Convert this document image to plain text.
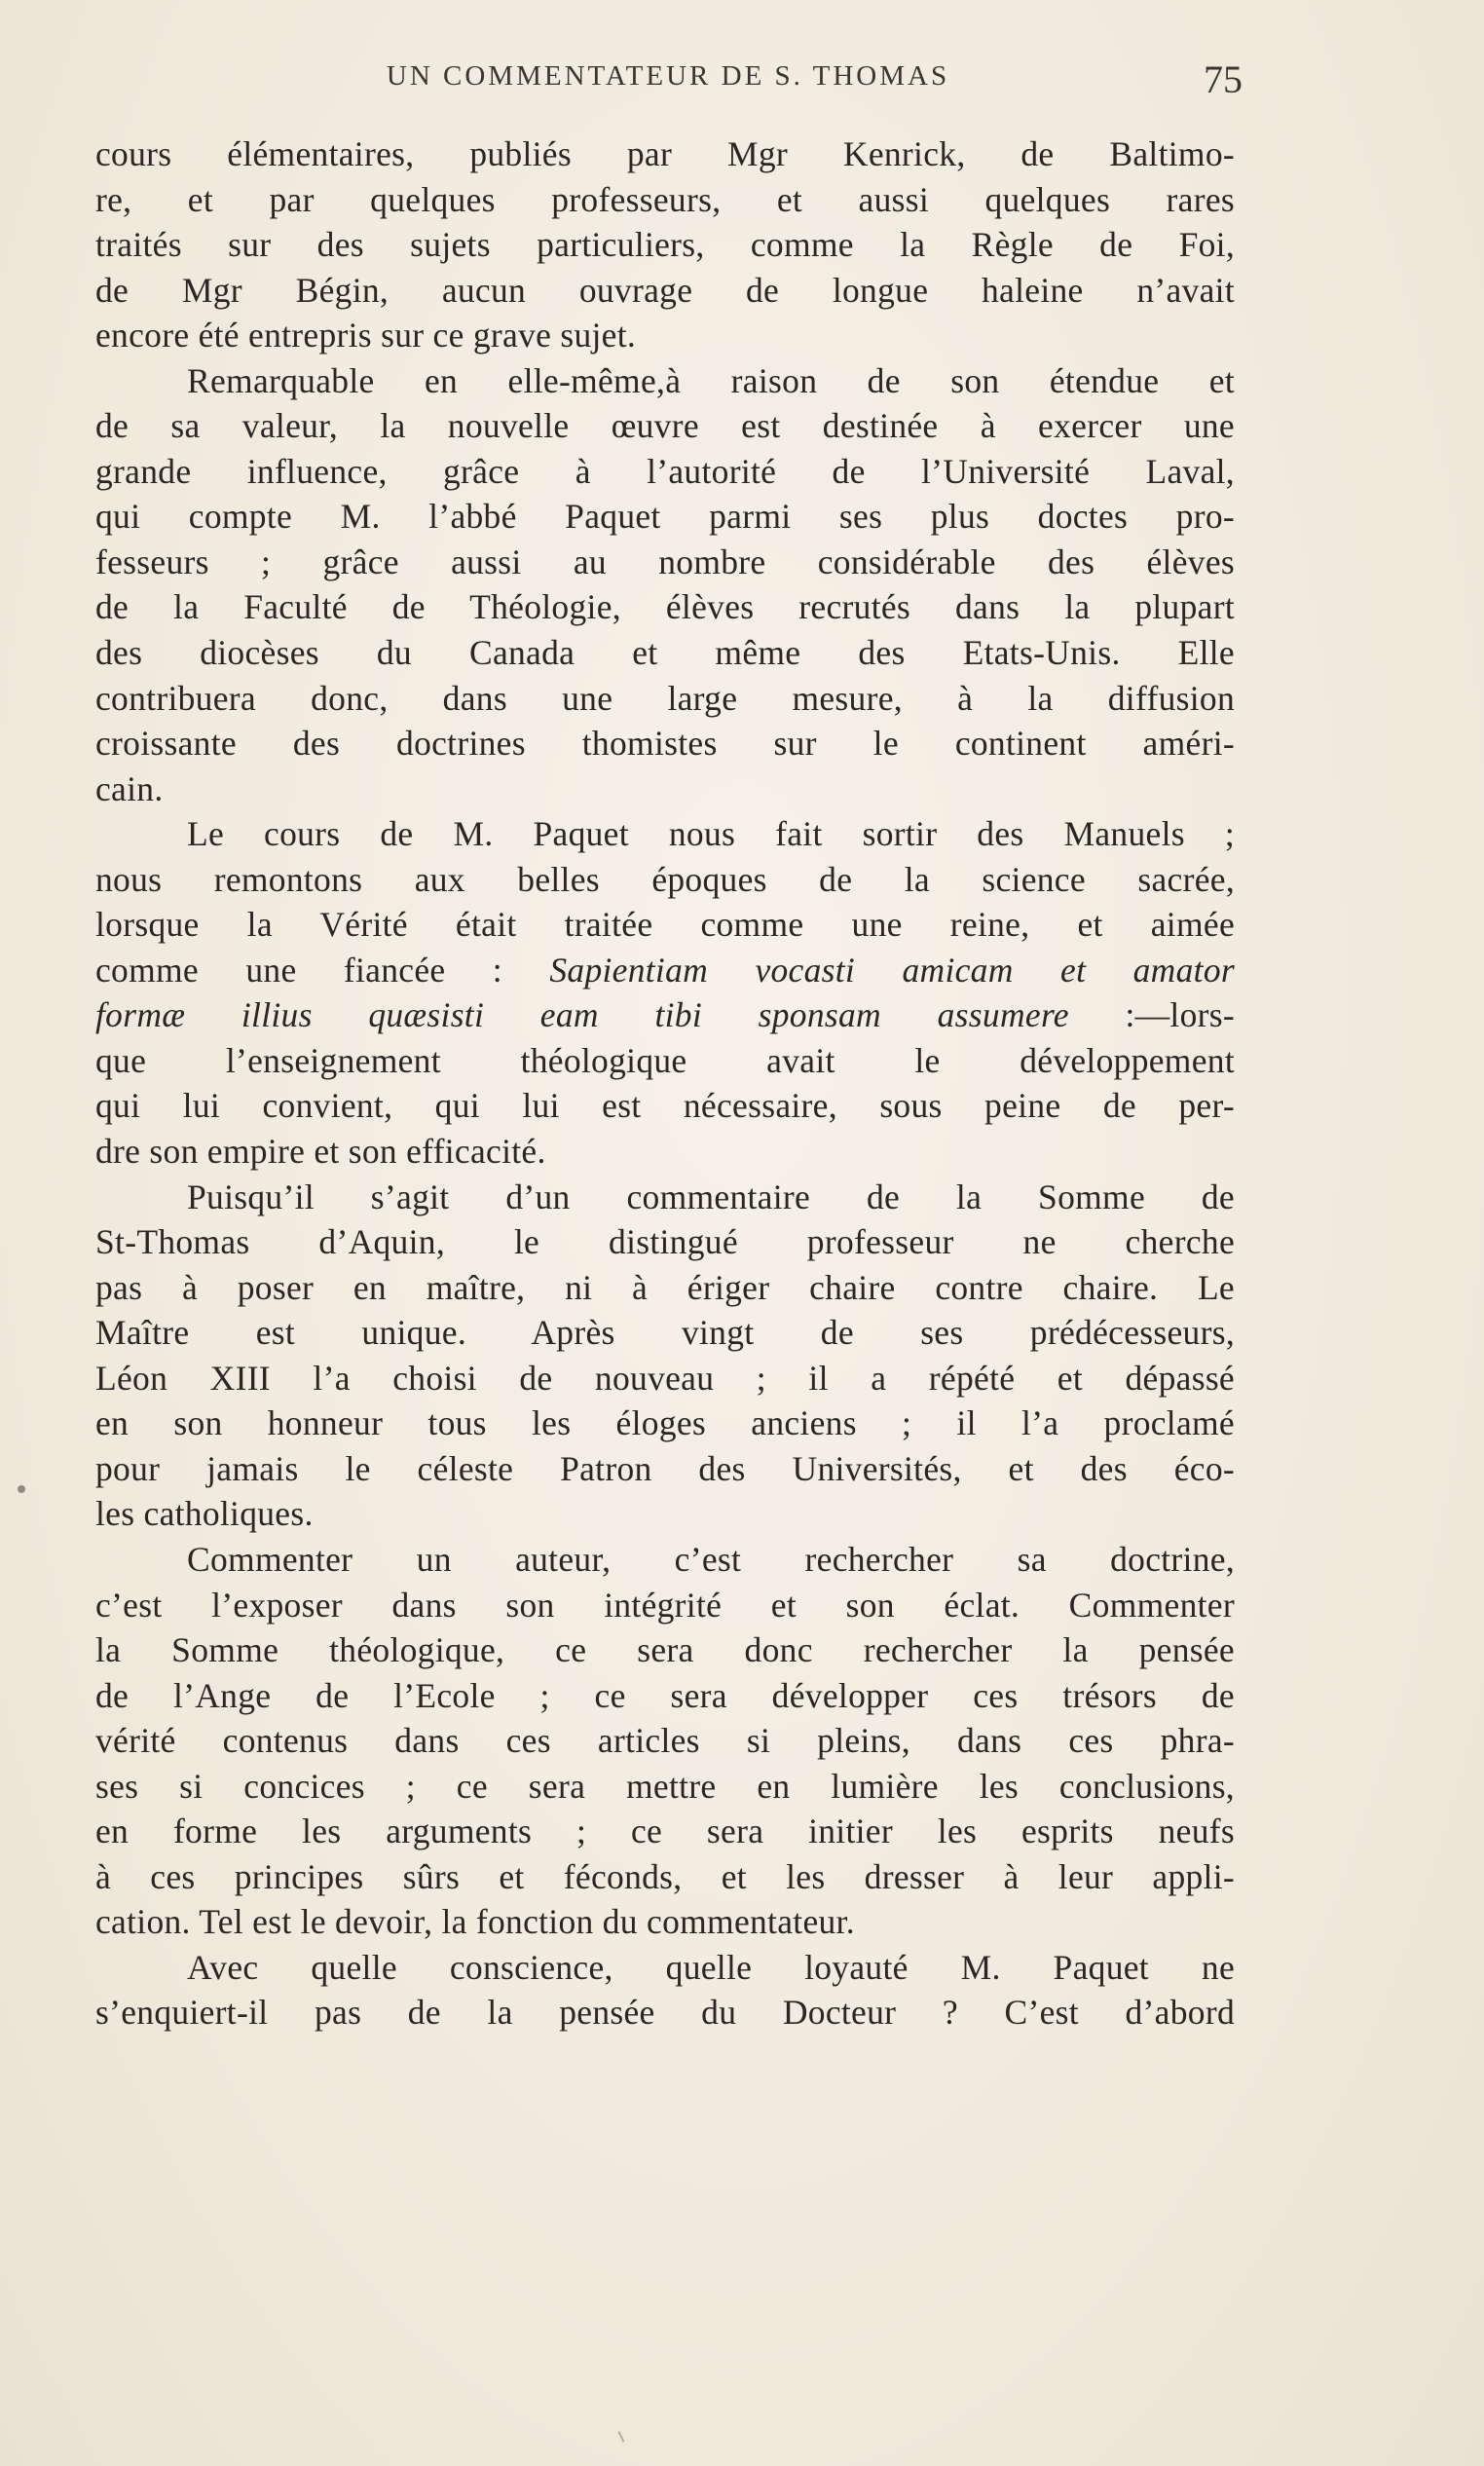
UN COMMENTATEUR DE S. THOMAS	75
cours élémentaires, publiés par Mgr Kenrick, de Baltimo-
re, et par quelques professeurs, et aussi quelques rares
traités sur des sujets particuliers, comme la Règle de Foi,
de Mgr Bégin, aucun ouvrage de longue haleine n’avait
encore été entrepris sur ce grave sujet.
Remarquable en elle-même,à raison de son étendue et
de sa valeur, la nouvelle œuvre est destinée à exercer une
grande influence, grâce à l’autorité de l’Université Laval,
qui compte M. l’abbé Paquet parmi ses plus doctes pro-
fesseurs ; grâce aussi au nombre considérable des élèves
de la Faculté de Théologie, élèves recrutés dans la plupart
des diocèses du Canada et même des Etats-Unis. Elle
contribuera donc, dans une large mesure, à la diffusion
croissante des doctrines thomistes sur le continent améri-
cain.
Le cours de M. Paquet nous fait sortir des Manuels ;
nous remontons aux belles époques de la science sacrée,
lorsque la Vérité était traitée comme une reine, et aimée
comme une fiancée : Sapientiam vocasti amicam et amator
formæ illius quæsisti eam tibi sponsam assumere :—lors-
que l’enseignement théologique avait le développement
qui lui convient, qui lui est nécessaire, sous peine de per-
dre son empire et son efficacité.
Puisqu’il s’agit d’un commentaire de la Somme de
St-Thomas d’Aquin, le distingué professeur ne cherche
pas à poser en maître, ni à ériger chaire contre chaire. Le
Maître est unique. Après vingt de ses prédécesseurs,
Léon XIII l’a choisi de nouveau ; il a répété et dépassé
en son honneur tous les éloges anciens ; il l’a proclamé
pour jamais le céleste Patron des Universités, et des éco-
les catholiques.
Commenter un auteur, c’est rechercher sa doctrine,
c’est l’exposer dans son intégrité et son éclat. Commenter
la Somme théologique, ce sera donc rechercher la pensée
de l’Ange de l’Ecole ; ce sera développer ces trésors de
vérité contenus dans ces articles si pleins, dans ces phra-
ses si concices ; ce sera mettre en lumière les conclusions,
en forme les arguments ; ce sera initier les esprits neufs
à ces principes sûrs et féconds, et les dresser à leur appli-
cation. Tel est le devoir, la fonction du commentateur.
Avec quelle conscience, quelle loyauté M. Paquet ne
s’enquiert-il pas de la pensée du Docteur ? C’est d’abord
